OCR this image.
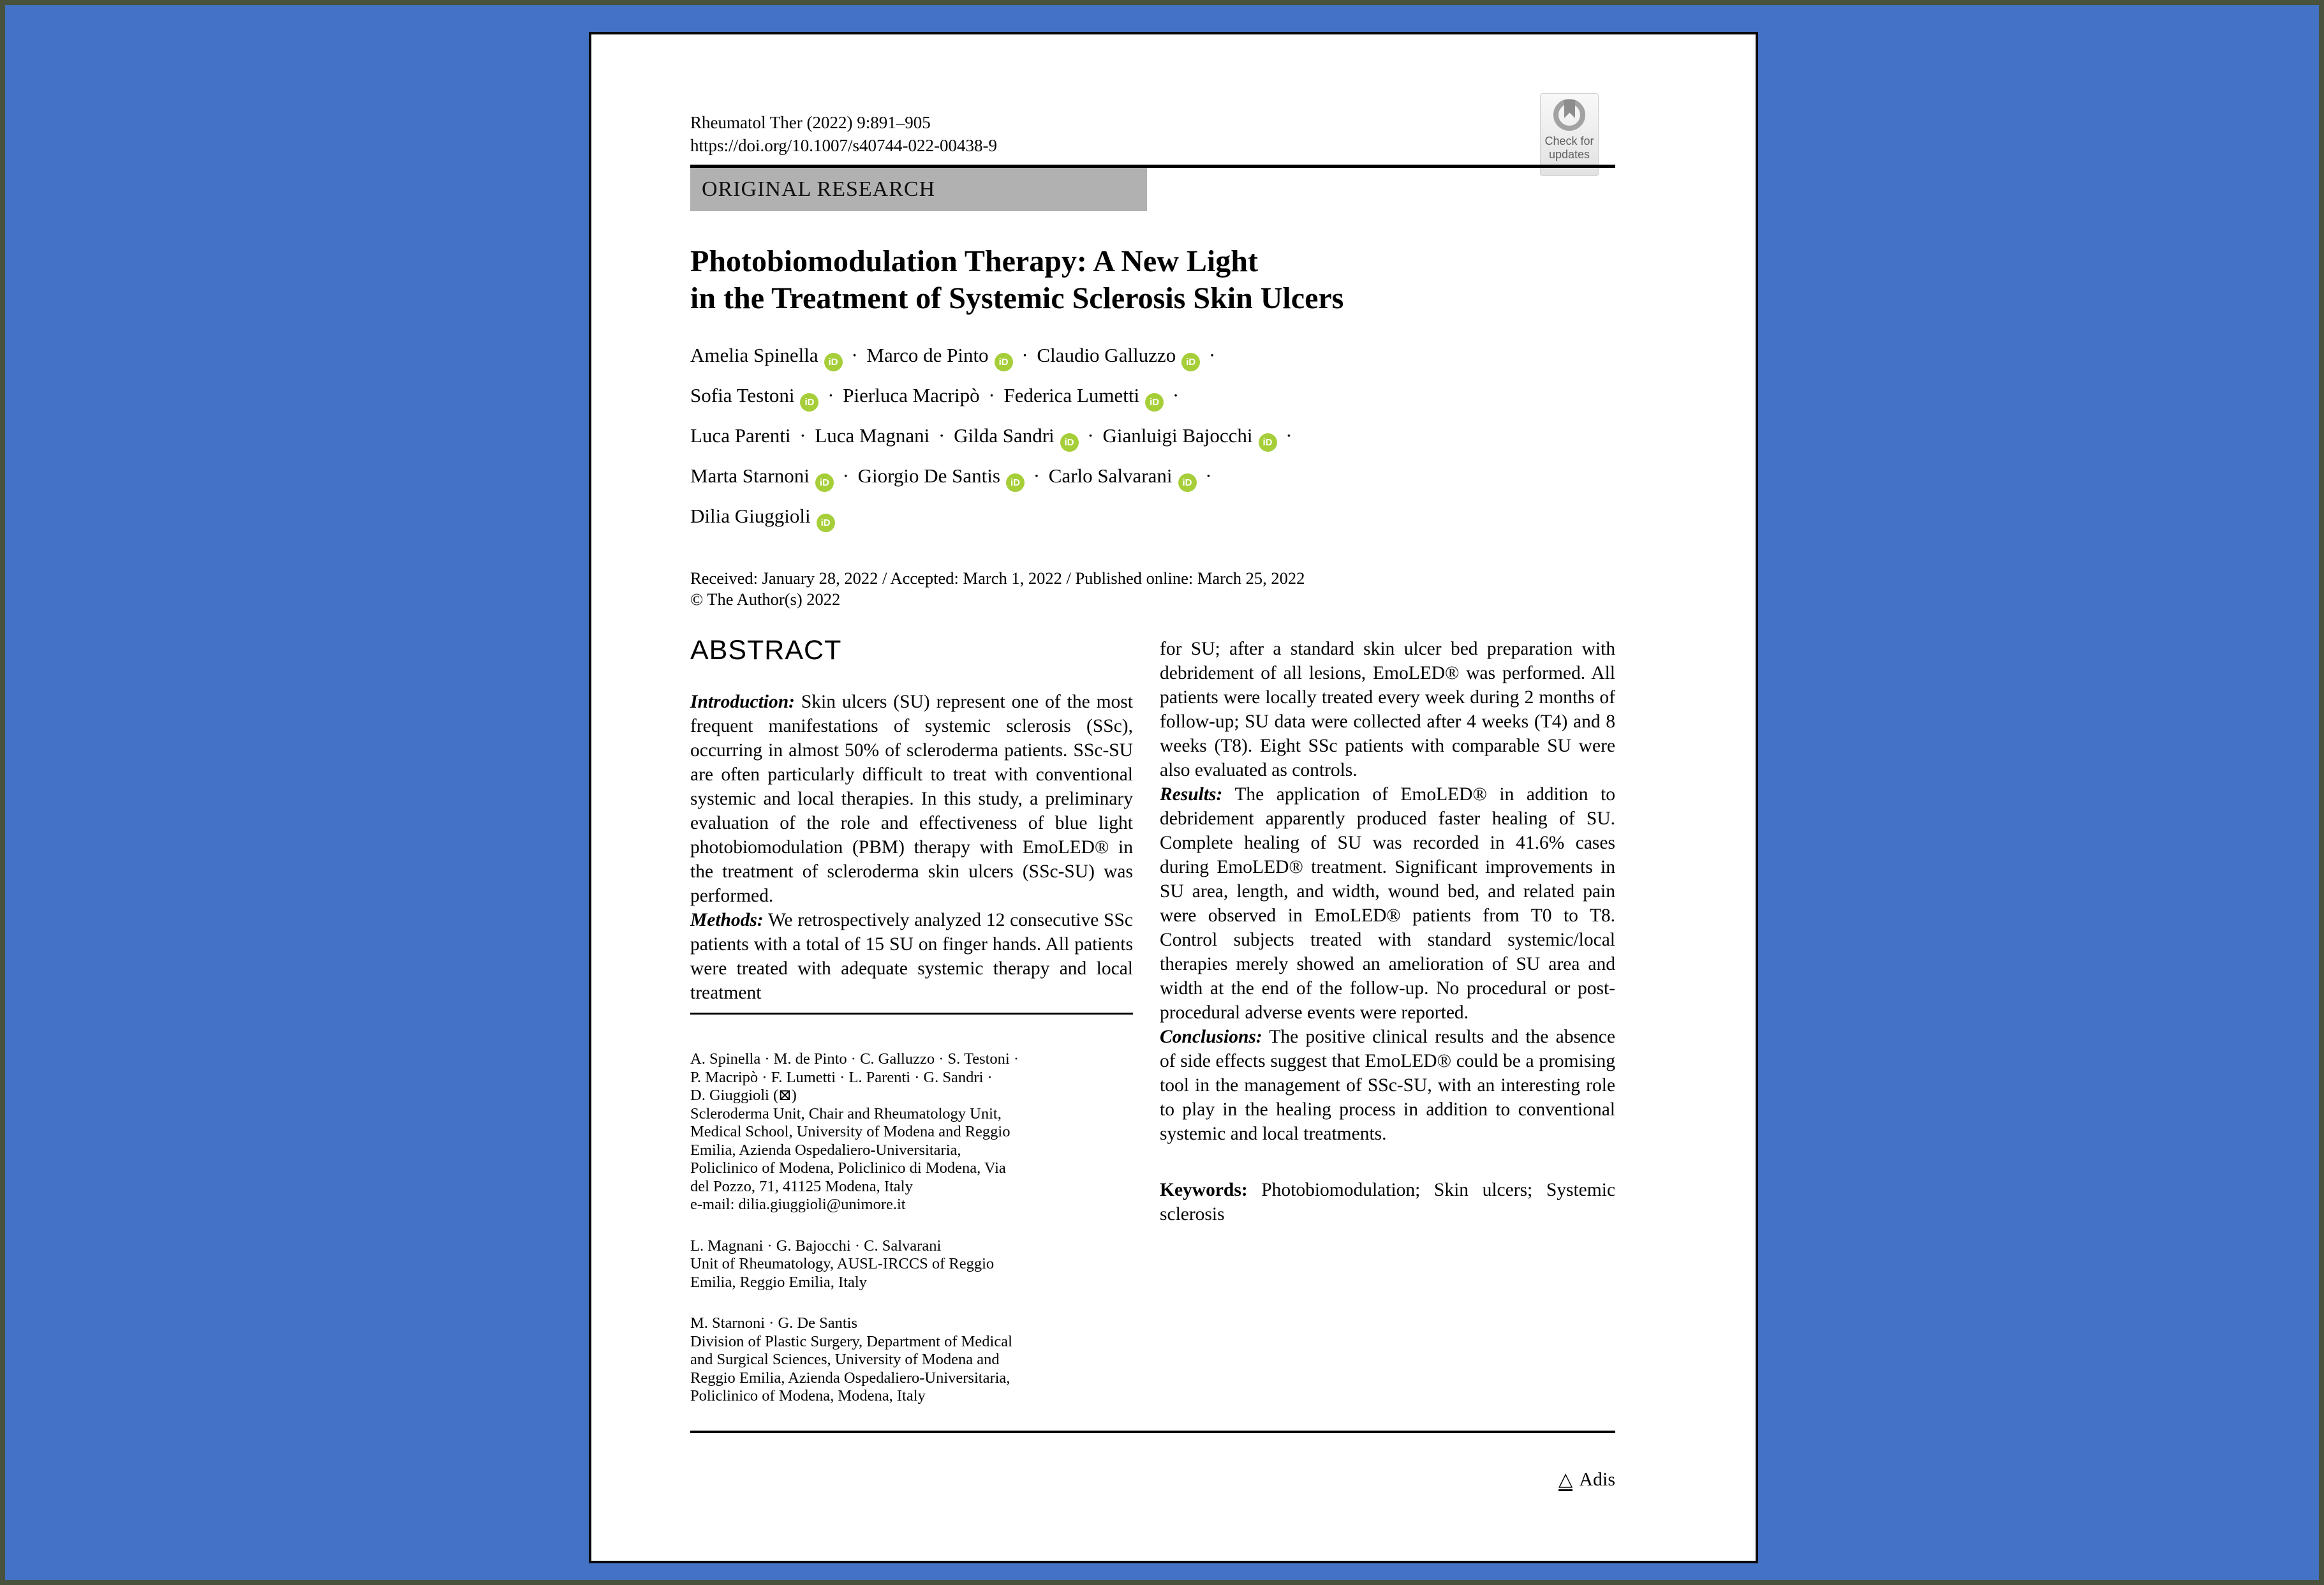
Check for
updates
Rheumatol Ther (2022) 9:891–905
https://doi.org/10.1007/s40744-022-00438-9
ORIGINAL RESEARCH
Photobiomodulation Therapy: A New Light
in the Treatment of Systemic Sclerosis Skin Ulcers
Amelia Spinella iD · Marco de Pinto iD · Claudio Galluzzo iD ·
Sofia Testoni iD · Pierluca Macripò · Federica Lumetti iD ·
Luca Parenti · Luca Magnani · Gilda Sandri iD · Gianluigi Bajocchi iD ·
Marta Starnoni iD · Giorgio De Santis iD · Carlo Salvarani iD ·
Dilia Giuggioli iD
Received: January 28, 2022 / Accepted: March 1, 2022 / Published online: March 25, 2022
© The Author(s) 2022
ABSTRACT

Introduction: Skin ulcers (SU) represent one of the most frequent manifestations of systemic sclerosis (SSc), occurring in almost 50% of scleroderma patients. SSc-SU are often particularly difficult to treat with conventional systemic and local therapies. In this study, a preliminary evaluation of the role and effectiveness of blue light photobiomodulation (PBM) therapy with EmoLED® in the treatment of scleroderma skin ulcers (SSc-SU) was performed.

Methods: We retrospectively analyzed 12 consecutive SSc patients with a total of 15 SU on finger hands. All patients were treated with adequate systemic therapy and local treatment

A. Spinella · M. de Pinto · C. Galluzzo · S. Testoni ·
P. Macripò · F. Lumetti · L. Parenti · G. Sandri ·
D. Giuggioli (⊠)
Scleroderma Unit, Chair and Rheumatology Unit,
Medical School, University of Modena and Reggio
Emilia, Azienda Ospedaliero-Universitaria,
Policlinico of Modena, Policlinico di Modena, Via
del Pozzo, 71, 41125 Modena, Italy
e-mail: dilia.giuggioli@unimore.it
L. Magnani · G. Bajocchi · C. Salvarani
Unit of Rheumatology, AUSL-IRCCS of Reggio
Emilia, Reggio Emilia, Italy
M. Starnoni · G. De Santis
Division of Plastic Surgery, Department of Medical
and Surgical Sciences, University of Modena and
Reggio Emilia, Azienda Ospedaliero-Universitaria,
Policlinico of Modena, Modena, Italy

for SU; after a standard skin ulcer bed preparation with debridement of all lesions, EmoLED® was performed. All patients were locally treated every week during 2 months of follow-up; SU data were collected after 4 weeks (T4) and 8 weeks (T8). Eight SSc patients with comparable SU were also evaluated as controls.

Results: The application of EmoLED® in addition to debridement apparently produced faster healing of SU. Complete healing of SU was recorded in 41.6% cases during EmoLED® treatment. Significant improvements in SU area, length, and width, wound bed, and related pain were observed in EmoLED® patients from T0 to T8. Control subjects treated with standard systemic/local therapies merely showed an amelioration of SU area and width at the end of the follow-up. No procedural or post-procedural adverse events were reported.

Conclusions: The positive clinical results and the absence of side effects suggest that EmoLED® could be a promising tool in the management of SSc-SU, with an interesting role to play in the healing process in addition to conventional systemic and local treatments.

Keywords: Photobiomodulation; Skin ulcers; Systemic sclerosis

△ Adis
